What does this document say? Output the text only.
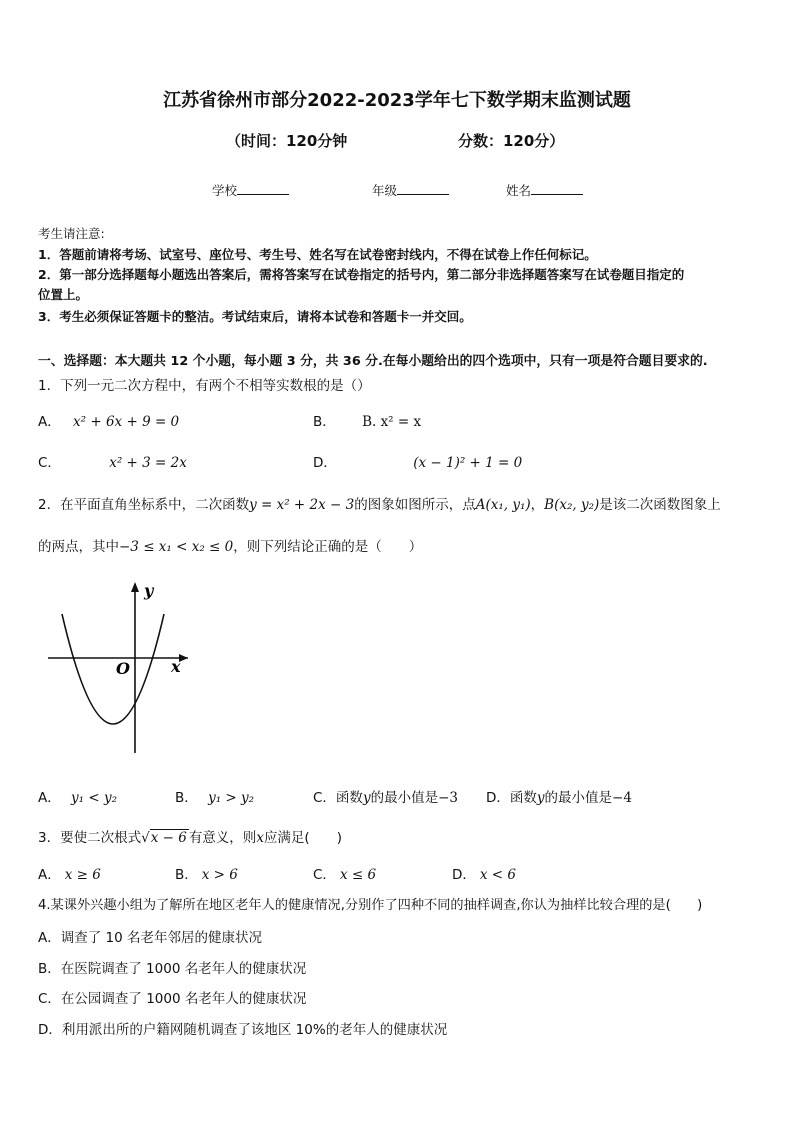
江苏省徐州市部分2022-2023学年七下数学期末监测试题
（时间：120分钟	分数：120分）
学校	年级	姓名
考生请注意:
1．答题前请将考场、试室号、座位号、考生号、姓名写在试卷密封线内，不得在试卷上作任何标记。
2．第一部分选择题每小题选出答案后，需将答案写在试卷指定的括号内，第二部分非选择题答案写在试卷题目指定的
位置上。
3．考生必须保证答题卡的整洁。考试结束后，请将本试卷和答题卡一并交回。
一、选择题：本大题共 12 个小题，每小题 3 分，共 36 分.在每小题给出的四个选项中，只有一项是符合题目要求的.
1．下列一元二次方程中，有两个不相等实数根的是（）
A． x² + 6x + 9 = 0	B． B. x² = x
C．	x² + 3 = 2x	D．	(x − 1)² + 1 = 0
2．在平面直角坐标系中，二次函数y = x² + 2x − 3的图象如图所示，点A(x₁, y₁)，B(x₂, y₂)是该二次函数图象上
的两点，其中−3 ≤ x₁ < x₂ ≤ 0，则下列结论正确的是（　　）
y
x
O
A． y₁ < y₂	B． y₁ > y₂	C．函数y的最小值是−3 D．函数y的最小值是−4
3．要使二次根式√x − 6 有意义，则x应满足(　　)
A． x ≥ 6	B． x > 6	C． x ≤ 6	D． x < 6
4.某课外兴趣小组为了解所在地区老年人的健康情况,分别作了四种不同的抽样调查,你认为抽样比较合理的是(　　)
A．调查了 10 名老年邻居的健康状况
B．在医院调查了 1000 名老年人的健康状况
C．在公园调查了 1000 名老年人的健康状况
D．利用派出所的户籍网随机调查了该地区 10%的老年人的健康状况
